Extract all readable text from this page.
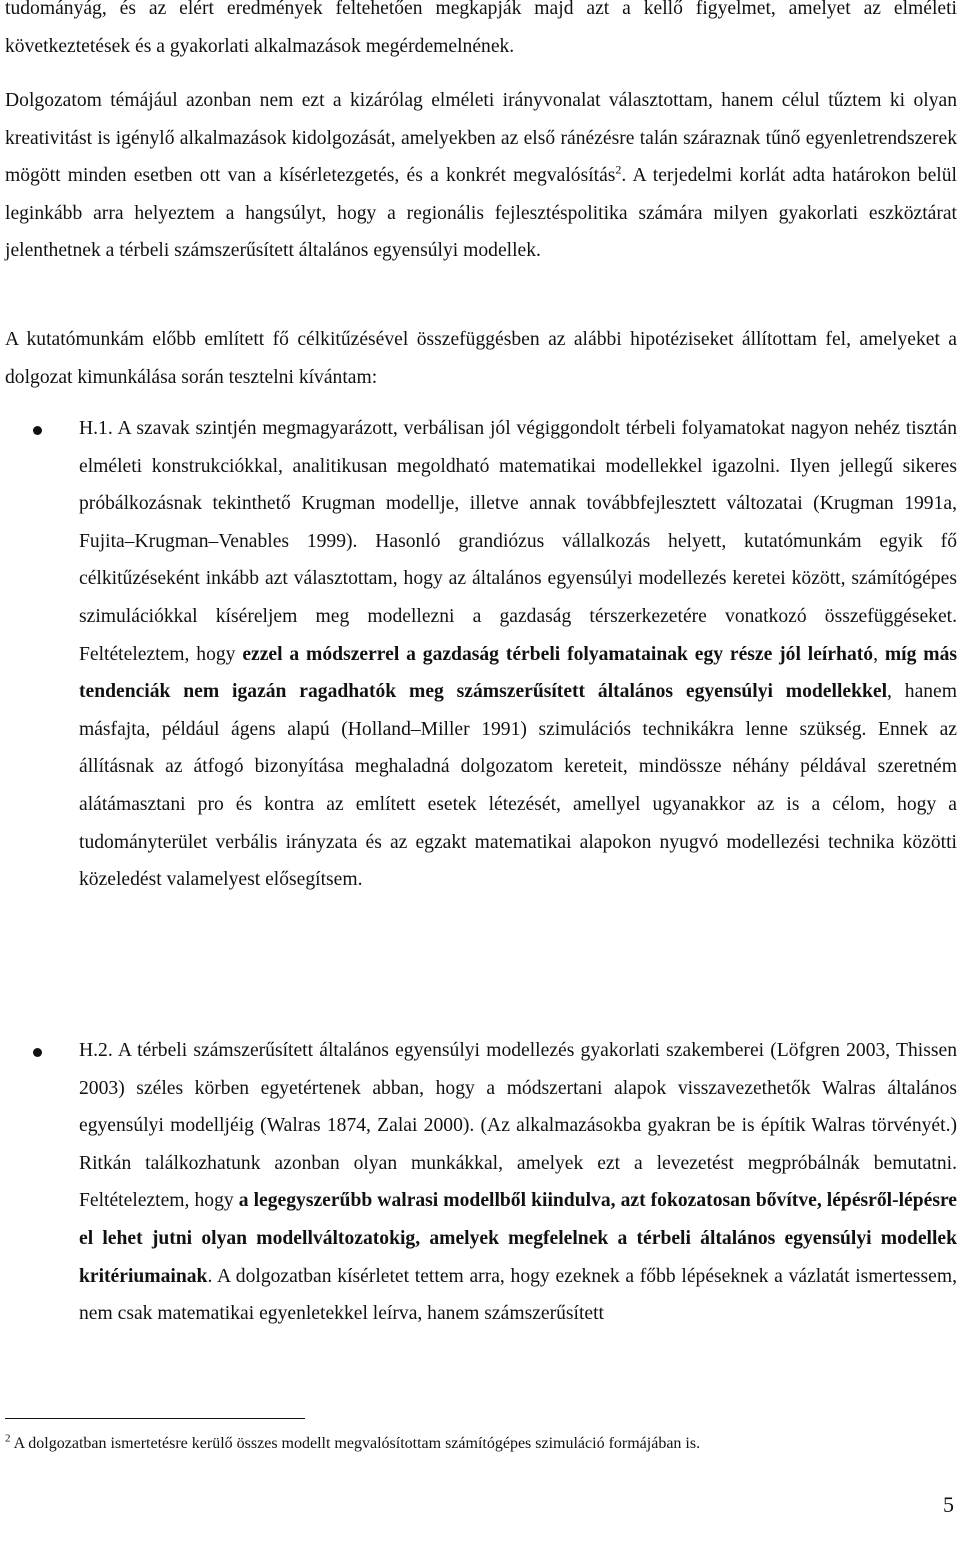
tudományág, és az elért eredmények feltehetően megkapják majd azt a kellő figyelmet, amelyet az elméleti következtetések és a gyakorlati alkalmazások megérdemelnének.

Dolgozatom témájául azonban nem ezt a kizárólag elméleti irányvonalat választottam, hanem célul tűztem ki olyan kreativitást is igénylő alkalmazások kidolgozását, amelyekben az első ránézésre talán száraznak tűnő egyenletrendszerek mögött minden esetben ott van a kísérletezgetés, és a konkrét megvalósítás$^2$. A terjedelmi korlát adta határokon belül leginkább arra helyeztem a hangsúlyt, hogy a regionális fejlesztéspolitika számára milyen gyakorlati eszköztárat jelenthetnek a térbeli számszerűsített általános egyensúlyi modellek.

A kutatómunkám előbb említett fő célkitűzésével összefüggésben az alábbi hipotéziseket állítottam fel, amelyeket a dolgozat kimunkálása során tesztelni kívántam:

H.1. A szavak szintjén megmagyarázott, verbálisan jól végiggondolt térbeli folyamatokat nagyon nehéz tisztán elméleti konstrukciókkal, analitikusan megoldható matematikai modellekkel igazolni. Ilyen jellegű sikeres próbálkozásnak tekinthető Krugman modellje, illetve annak továbbfejlesztett változatai (Krugman 1991a, Fujita–Krugman–Venables 1999). Hasonló grandiózus vállalkozás helyett, kutatómunkám egyik fő célkitűzéseként inkább azt választottam, hogy az általános egyensúlyi modellezés keretei között, számítógépes szimulációkkal kíséreljem meg modellezni a gazdaság térszerkezetére vonatkozó összefüggéseket. Feltételeztem, hogy ezzel a módszerrel a gazdaság térbeli folyamatainak egy része jól leírható, míg más tendenciák nem igazán ragadhatók meg számszerűsített általános egyensúlyi modellekkel, hanem másfajta, például ágens alapú (Holland–Miller 1991) szimulációs technikákra lenne szükség. Ennek az állításnak az átfogó bizonyítása meghaladná dolgozatom kereteit, mindössze néhány példával szeretném alátámasztani pro és kontra az említett esetek létezését, amellyel ugyanakkor az is a célom, hogy a tudományterület verbális irányzata és az egzakt matematikai alapokon nyugvó modellezési technika közötti közeledést valamelyest elősegítsem.

H.2. A térbeli számszerűsített általános egyensúlyi modellezés gyakorlati szakemberei (Löfgren 2003, Thissen 2003) széles körben egyetértenek abban, hogy a módszertani alapok visszavezethetők Walras általános egyensúlyi modelljéig (Walras 1874, Zalai 2000). (Az alkalmazásokba gyakran be is építik Walras törvényét.) Ritkán találkozhatunk azonban olyan munkákkal, amelyek ezt a levezetést megpróbálnák bemutatni. Feltételeztem, hogy a legegyszerűbb walrasi modellből kiindulva, azt fokozatosan bővítve, lépésről-lépésre el lehet jutni olyan modellváltozatokig, amelyek megfelelnek a térbeli általános egyensúlyi modellek kritériumainak. A dolgozatban kísérletet tettem arra, hogy ezeknek a főbb lépéseknek a vázlatát ismertessem, nem csak matematikai egyenletekkel leírva, hanem számszerűsített

$^2$ A dolgozatban ismertetésre kerülő összes modellt megvalósítottam számítógépes szimuláció formájában is.
5
